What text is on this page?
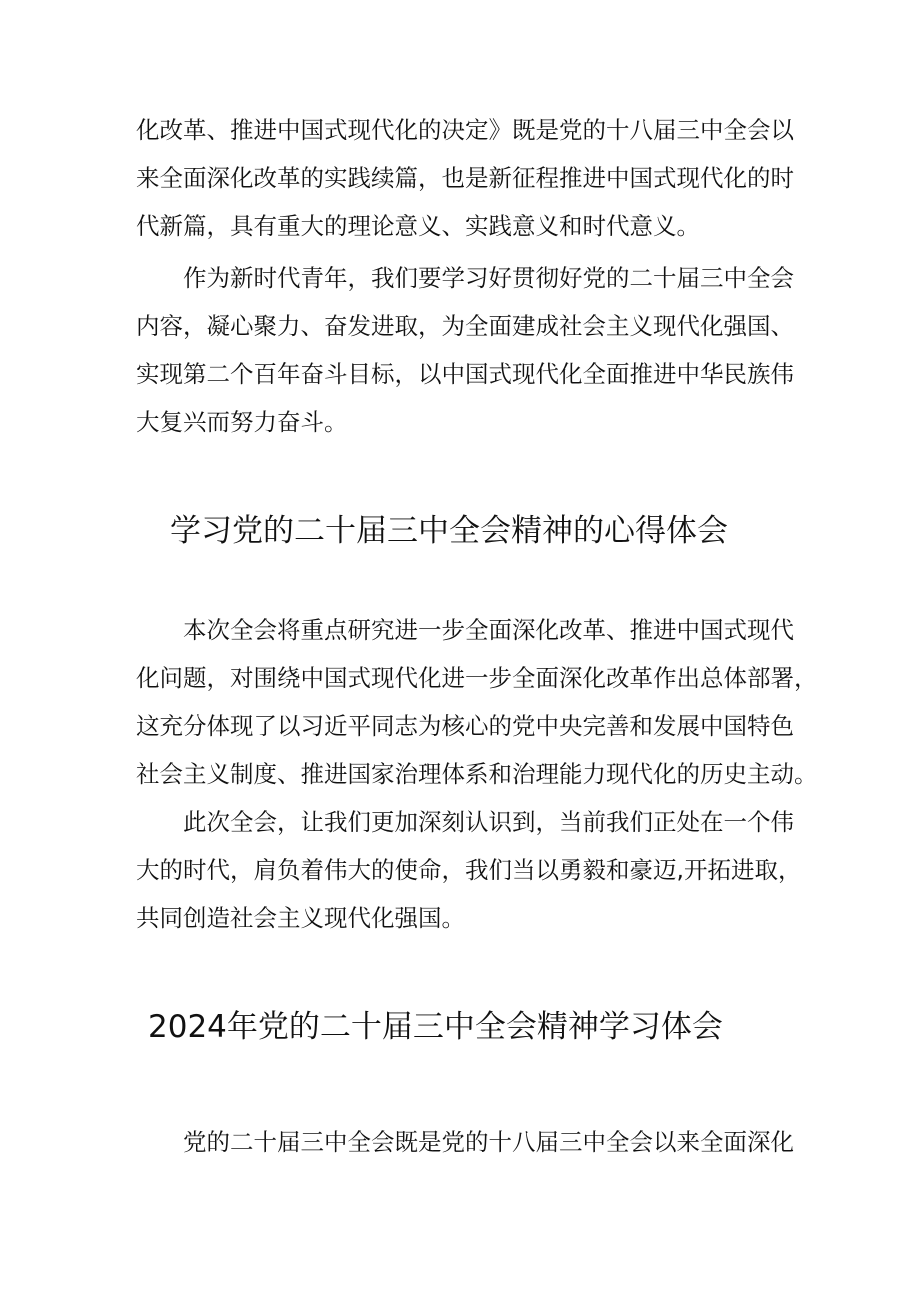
化改革、推进中国式现代化的决定》既是党的十八届三中全会以
来全面深化改革的实践续篇，也是新征程推进中国式现代化的时
代新篇，具有重大的理论意义、实践意义和时代意义。
作为新时代青年，我们要学习好贯彻好党的二十届三中全会
内容，凝心聚力、奋发进取，为全面建成社会主义现代化强国、
实现第二个百年奋斗目标，以中国式现代化全面推进中华民族伟
大复兴而努力奋斗。
学习党的二十届三中全会精神的心得体会
本次全会将重点研究进一步全面深化改革、推进中国式现代
化问题，对围绕中国式现代化进一步全面深化改革作出总体部署，
这充分体现了以习近平同志为核心的党中央完善和发展中国特色
社会主义制度、推进国家治理体系和治理能力现代化的历史主动。
此次全会，让我们更加深刻认识到，当前我们正处在一个伟
大的时代，肩负着伟大的使命，我们当以勇毅和豪迈,开拓进取，
共同创造社会主义现代化强国。
2024年党的二十届三中全会精神学习体会
党的二十届三中全会既是党的十八届三中全会以来全面深化
